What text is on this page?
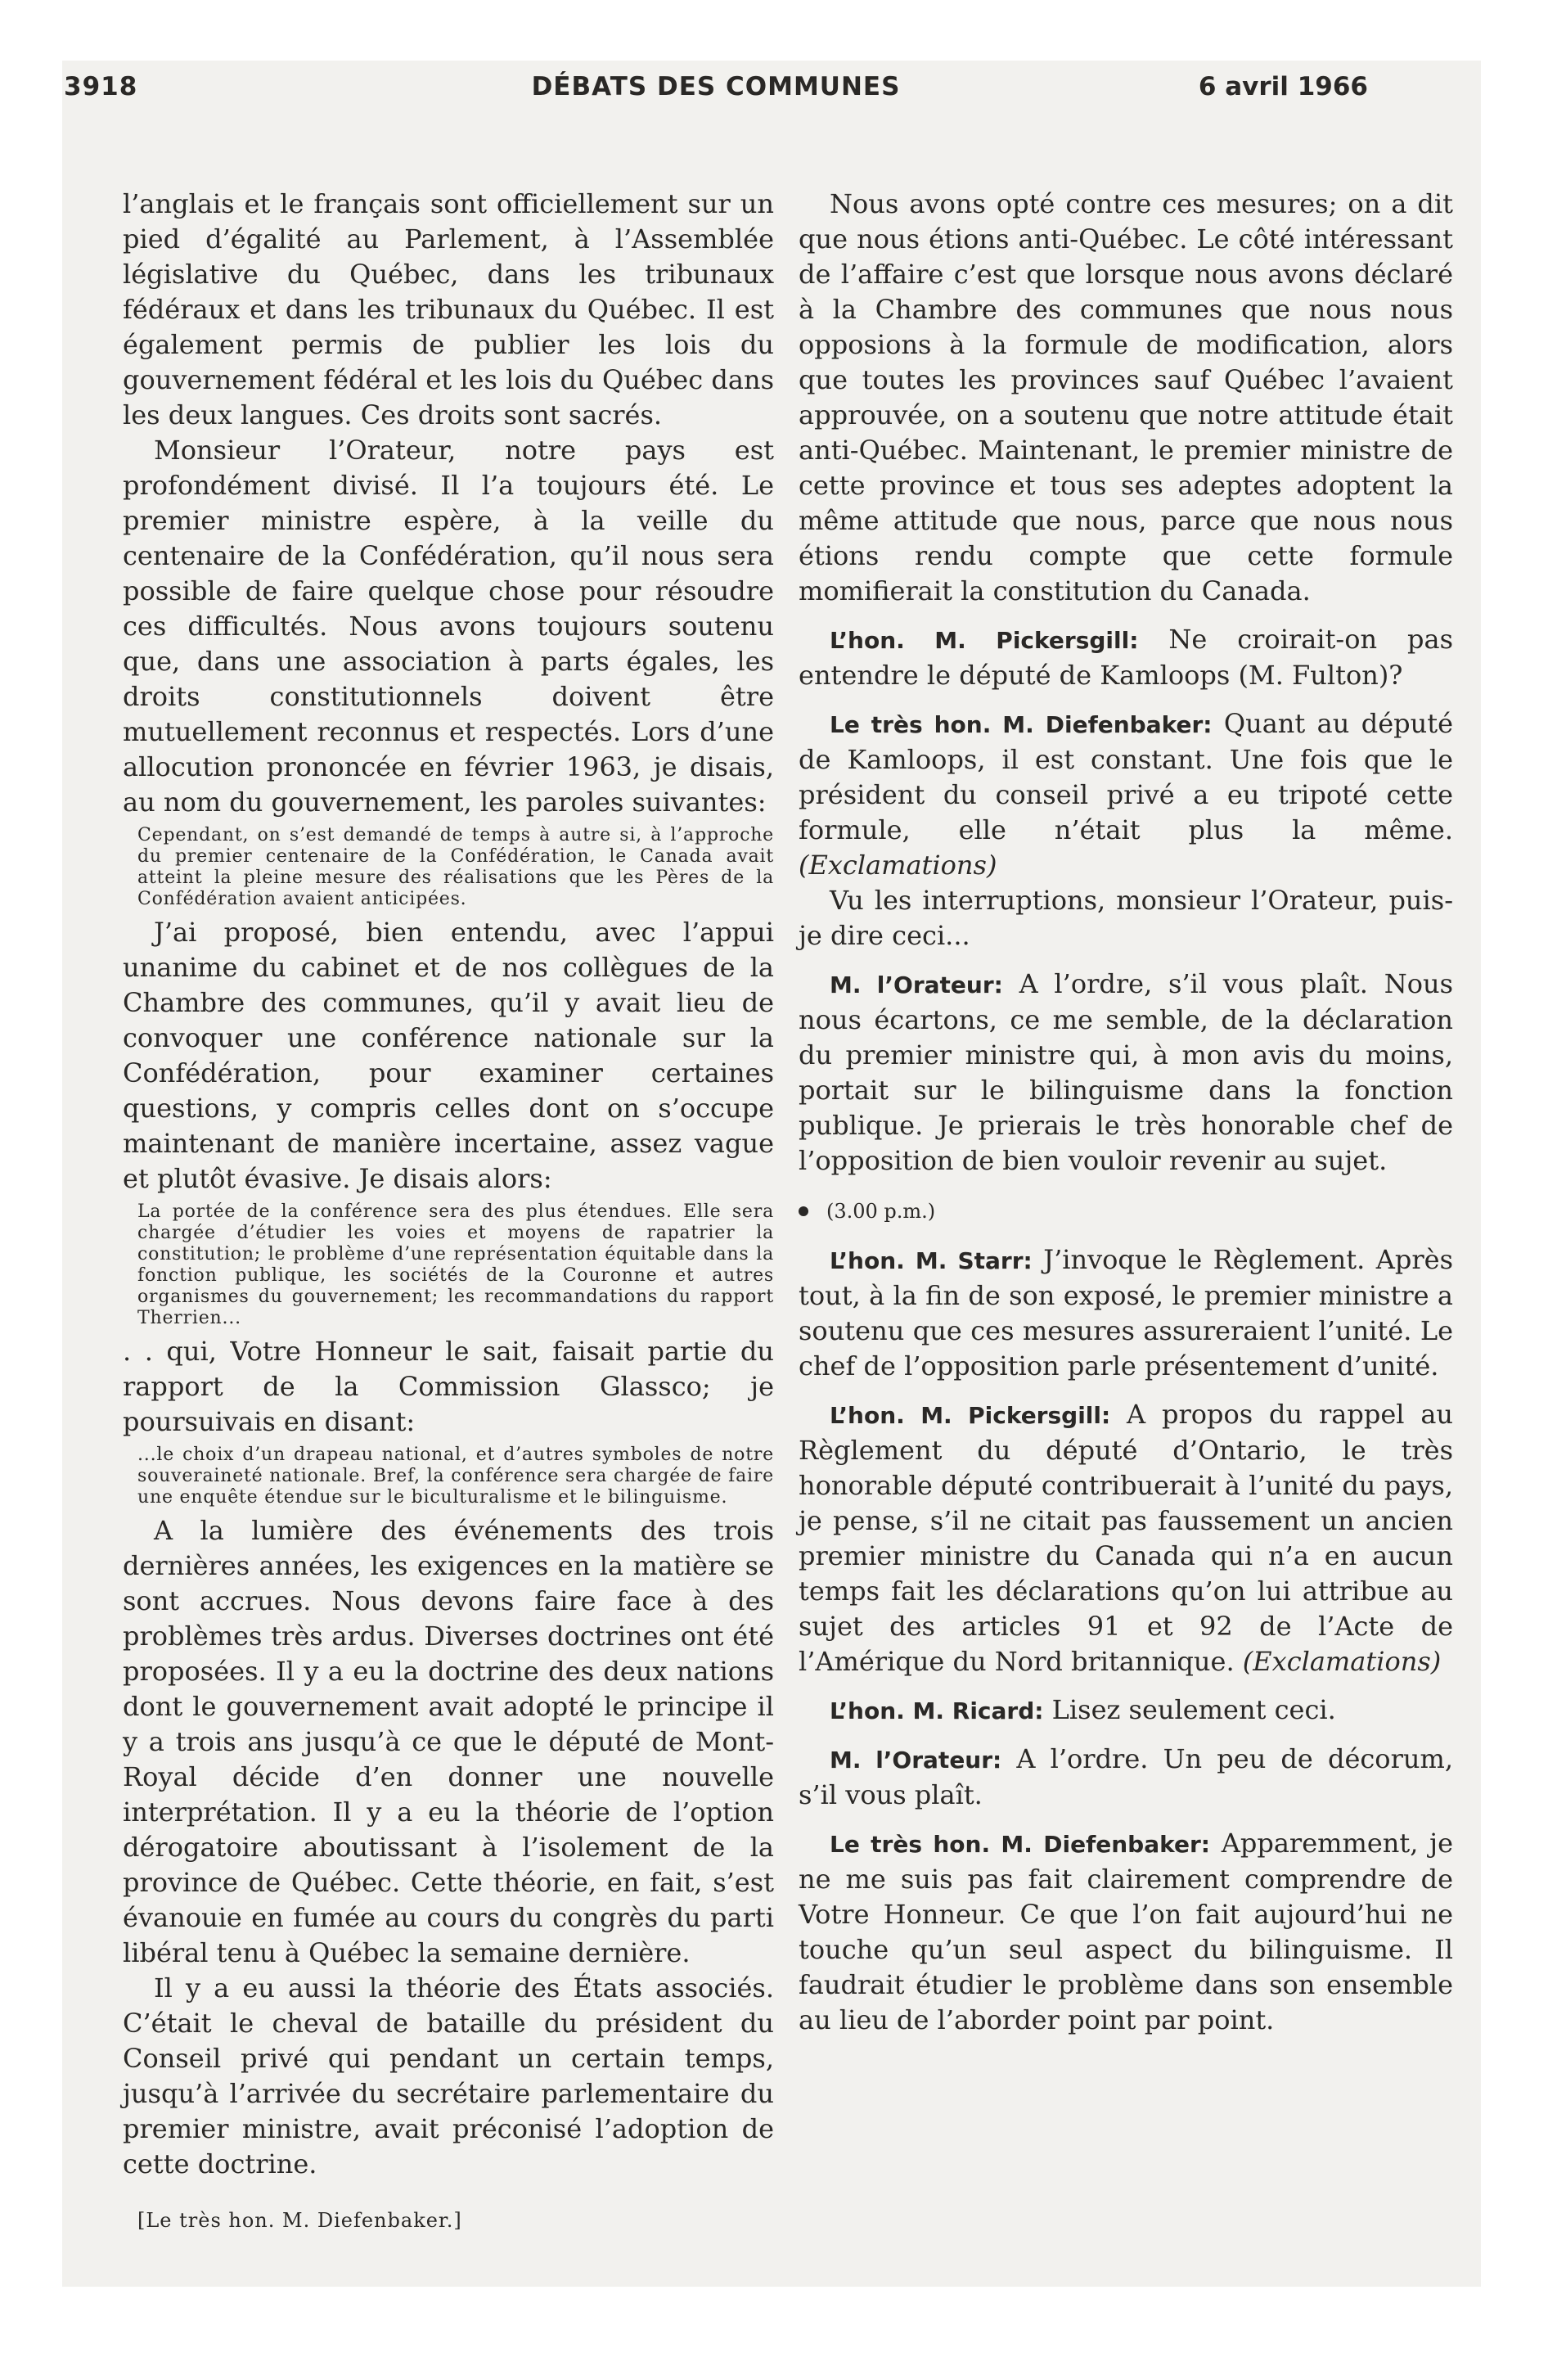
3918	DÉBATS DES COMMUNES	6 avril 1966

l’anglais et le français sont officiellement sur un pied d’égalité au Parlement, à l’Assemblée législative du Québec, dans les tribunaux fédéraux et dans les tribunaux du Québec. Il est également permis de publier les lois du gouvernement fédéral et les lois du Québec dans les deux langues. Ces droits sont sacrés.

Monsieur l’Orateur, notre pays est profondément divisé. Il l’a toujours été. Le premier ministre espère, à la veille du centenaire de la Confédération, qu’il nous sera possible de faire quelque chose pour résoudre ces difficultés. Nous avons toujours soutenu que, dans une association à parts égales, les droits constitutionnels doivent être mutuellement reconnus et respectés. Lors d’une allocution prononcée en février 1963, je disais, au nom du gouvernement, les paroles suivantes:

Cependant, on s’est demandé de temps à autre si, à l’approche du premier centenaire de la Confédération, le Canada avait atteint la pleine mesure des réalisations que les Pères de la Confédération avaient anticipées.

J’ai proposé, bien entendu, avec l’appui unanime du cabinet et de nos collègues de la Chambre des communes, qu’il y avait lieu de convoquer une conférence nationale sur la Confédération, pour examiner certaines questions, y compris celles dont on s’occupe maintenant de manière incertaine, assez vague et plutôt évasive. Je disais alors:

La portée de la conférence sera des plus étendues. Elle sera chargée d’étudier les voies et moyens de rapatrier la constitution; le problème d’une représentation équitable dans la fonction publique, les sociétés de la Couronne et autres organismes du gouvernement; les recommandations du rapport Therrien...

. . qui, Votre Honneur le sait, faisait partie du rapport de la Commission Glassco; je poursuivais en disant:

...le choix d’un drapeau national, et d’autres symboles de notre souveraineté nationale. Bref, la conférence sera chargée de faire une enquête étendue sur le biculturalisme et le bilinguisme.

A la lumière des événements des trois dernières années, les exigences en la matière se sont accrues. Nous devons faire face à des problèmes très ardus. Diverses doctrines ont été proposées. Il y a eu la doctrine des deux nations dont le gouvernement avait adopté le principe il y a trois ans jusqu’à ce que le député de Mont-Royal décide d’en donner une nouvelle interprétation. Il y a eu la théorie de l’option dérogatoire aboutissant à l’isolement de la province de Québec. Cette théorie, en fait, s’est évanouie en fumée au cours du congrès du parti libéral tenu à Québec la semaine dernière.

Il y a eu aussi la théorie des États associés. C’était le cheval de bataille du président du Conseil privé qui pendant un certain temps, jusqu’à l’arrivée du secrétaire parlementaire du premier ministre, avait préconisé l’adoption de cette doctrine.

[Le très hon. M. Diefenbaker.]

Nous avons opté contre ces mesures; on a dit que nous étions anti-Québec. Le côté intéressant de l’affaire c’est que lorsque nous avons déclaré à la Chambre des communes que nous nous opposions à la formule de modification, alors que toutes les provinces sauf Québec l’avaient approuvée, on a soutenu que notre attitude était anti-Québec. Maintenant, le premier ministre de cette province et tous ses adeptes adoptent la même attitude que nous, parce que nous nous étions rendu compte que cette formule momifierait la constitution du Canada.

L’hon. M. Pickersgill: Ne croirait-on pas entendre le député de Kamloops (M. Fulton)?

Le très hon. M. Diefenbaker: Quant au député de Kamloops, il est constant. Une fois que le président du conseil privé a eu tripoté cette formule, elle n’était plus la même. (Exclamations)

Vu les interruptions, monsieur l’Orateur, puis-je dire ceci...

M. l’Orateur: A l’ordre, s’il vous plaît. Nous nous écartons, ce me semble, de la déclaration du premier ministre qui, à mon avis du moins, portait sur le bilinguisme dans la fonction publique. Je prierais le très honorable chef de l’opposition de bien vouloir revenir au sujet.

(3.00 p.m.)

L’hon. M. Starr: J’invoque le Règlement. Après tout, à la fin de son exposé, le premier ministre a soutenu que ces mesures assureraient l’unité. Le chef de l’opposition parle présentement d’unité.

L’hon. M. Pickersgill: A propos du rappel au Règlement du député d’Ontario, le très honorable député contribuerait à l’unité du pays, je pense, s’il ne citait pas faussement un ancien premier ministre du Canada qui n’a en aucun temps fait les déclarations qu’on lui attribue au sujet des articles 91 et 92 de l’Acte de l’Amérique du Nord britannique. (Exclamations)

L’hon. M. Ricard: Lisez seulement ceci.

M. l’Orateur: A l’ordre. Un peu de décorum, s’il vous plaît.

Le très hon. M. Diefenbaker: Apparemment, je ne me suis pas fait clairement comprendre de Votre Honneur. Ce que l’on fait aujourd’hui ne touche qu’un seul aspect du bilinguisme. Il faudrait étudier le problème dans son ensemble au lieu de l’aborder point par point.
